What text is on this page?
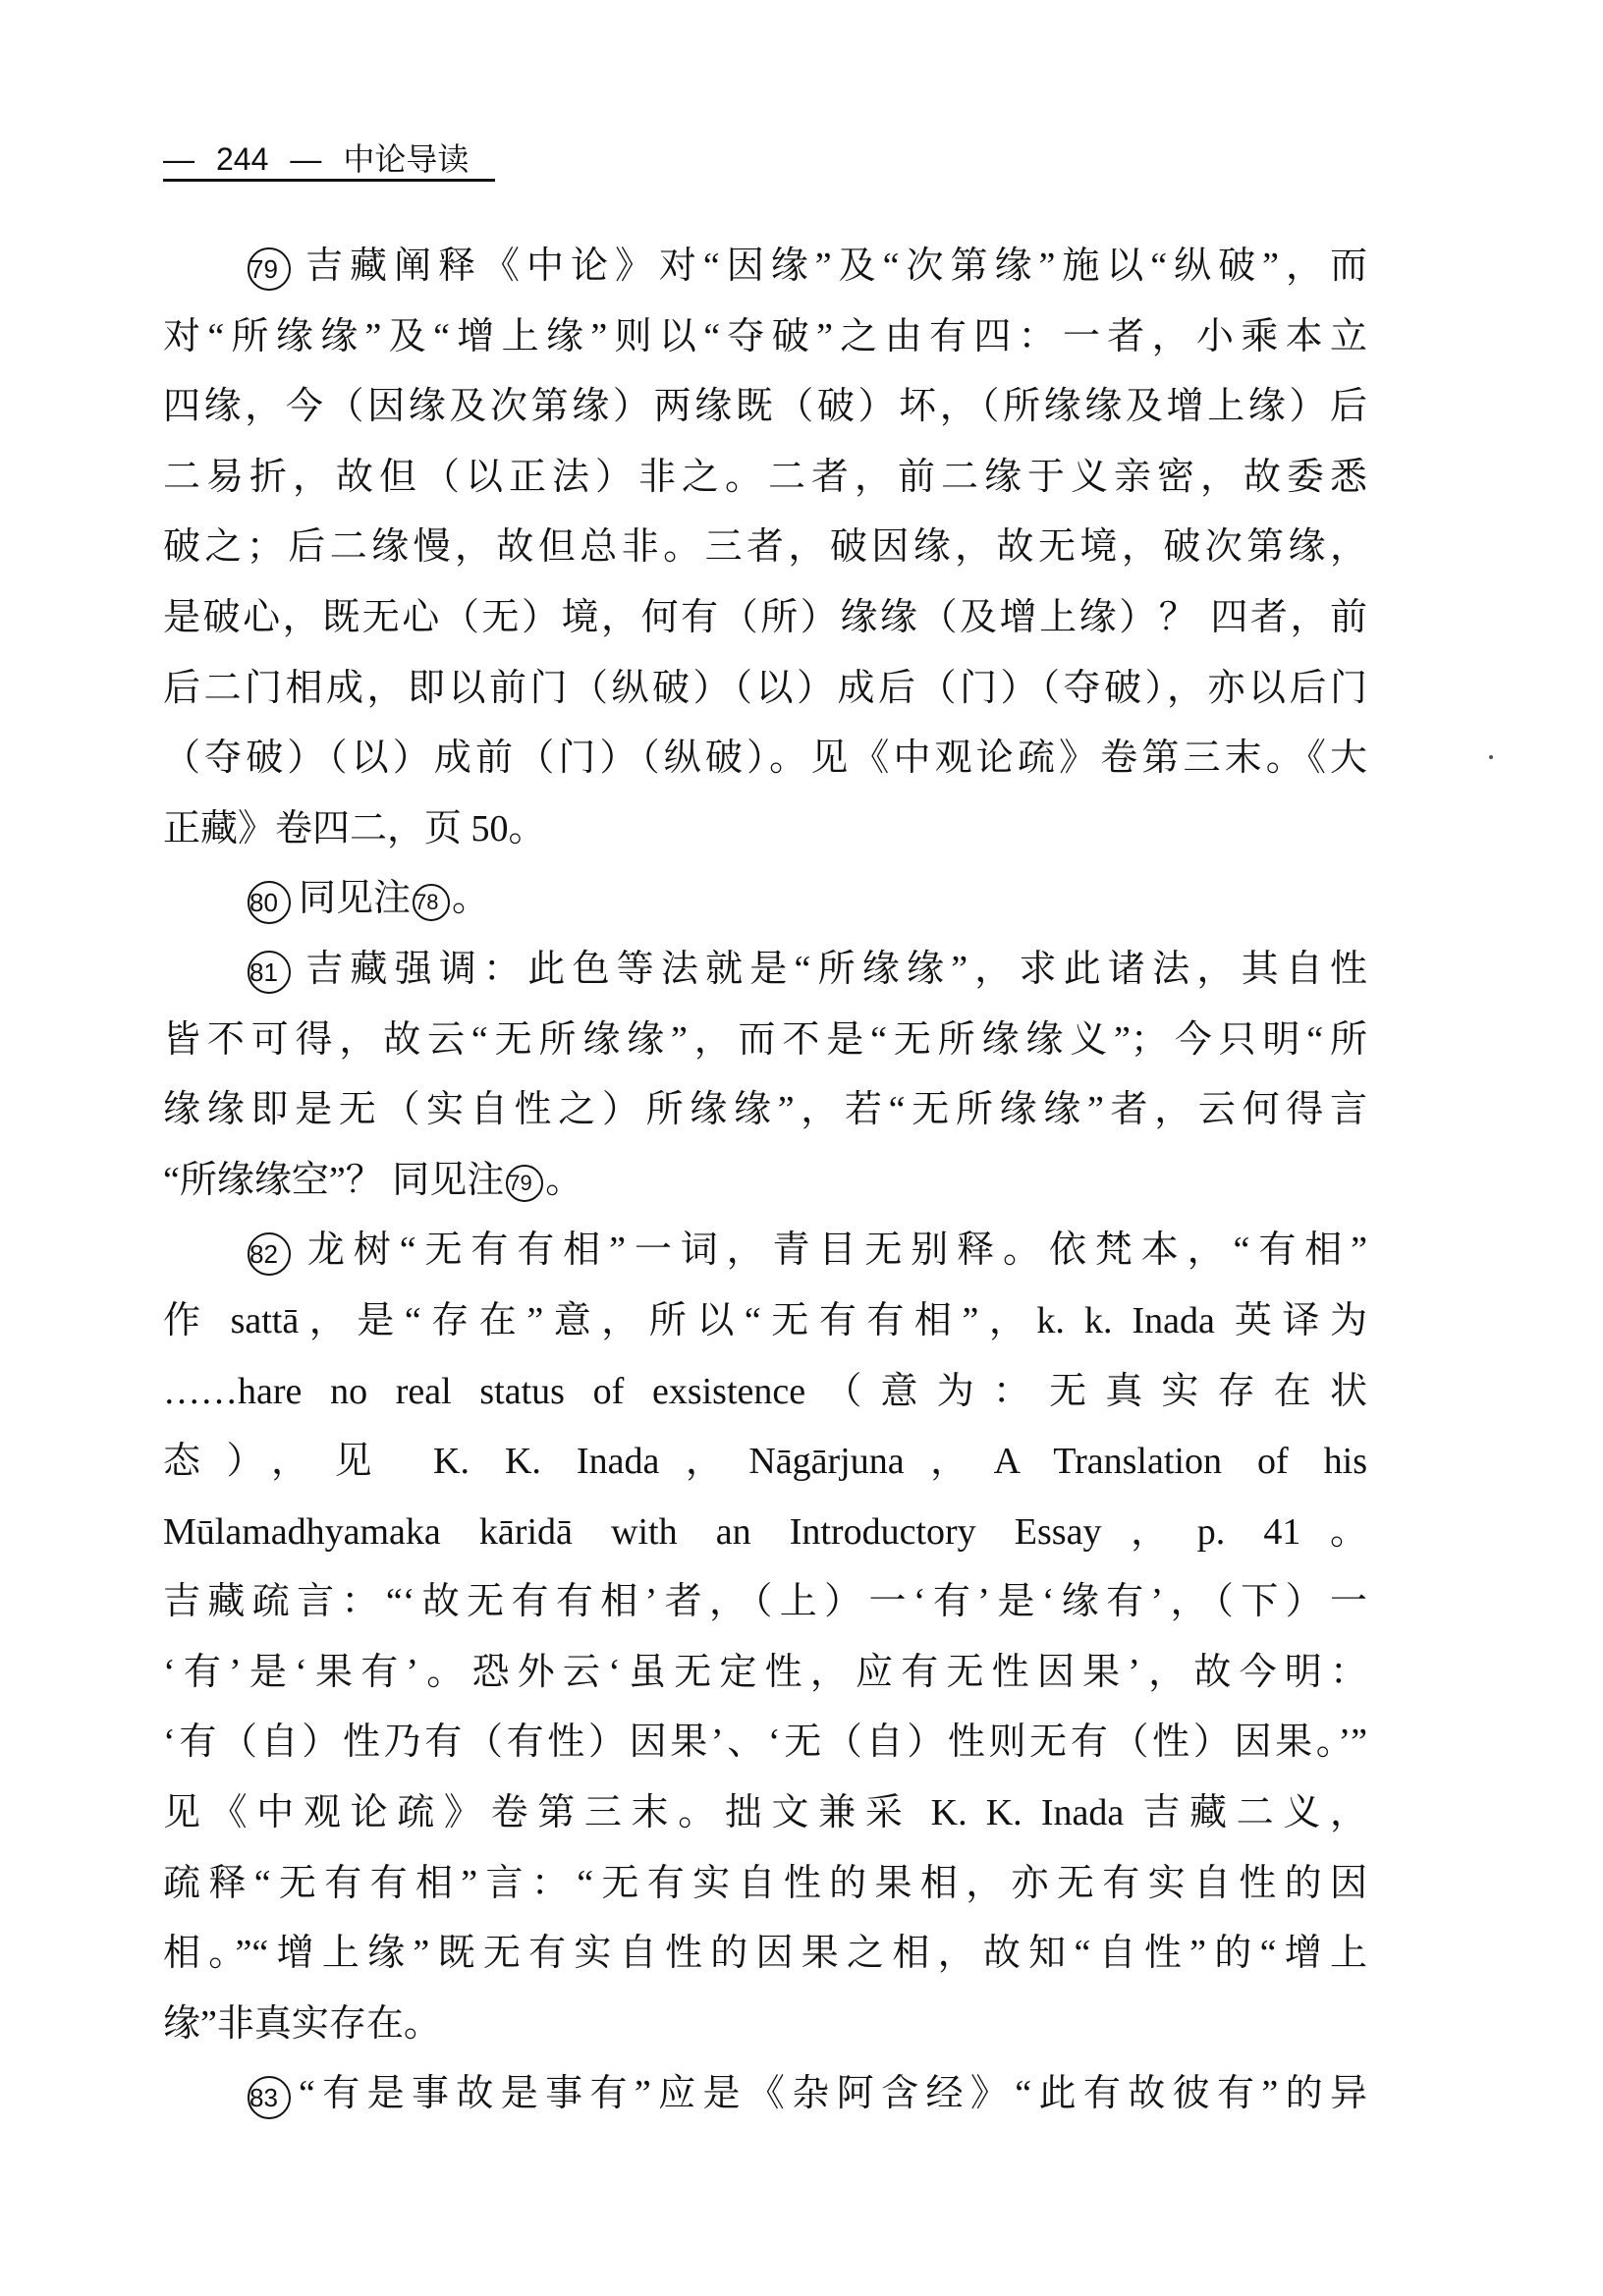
— 244 — 中论导读
79 吉藏阐释《中论》对“因缘”及“次第缘”施以“纵破”，而
对“所缘缘”及“增上缘”则以“夺破”之由有四：一者，小乘本立
四缘，今（因缘及次第缘）两缘既（破）坏，（所缘缘及增上缘）后
二易折，故但（以正法）非之。二者，前二缘于义亲密，故委悉
破之；后二缘慢，故但总非。三者，破因缘，故无境，破次第缘，
是破心，既无心（无）境，何有（所）缘缘（及增上缘）？ 四者，前
后二门相成，即以前门（纵破）（以）成后（门）（夺破），亦以后门
（夺破）（以）成前（门）（纵破）。见《中观论疏》卷第三末。《大
正藏》卷四二，页 50。
80 同见注 78 。
81 吉藏强调：此色等法就是“所缘缘”，求此诸法，其自性
皆不可得，故云“无所缘缘”，而不是“无所缘缘义”；今只明“所
缘缘即是无（实自性之）所缘缘”，若“无所缘缘”者，云何得言
“所缘缘空”？ 同见注 79 。
82 龙树“无有有相”一词，青目无别释。依梵本，“有相”
作 sattā，是“存在”意，所以“无有有相”，k. k. Inada 英译为
……hare no real status of exsistence（意为：无真实存在状
态），见 K. K. Inada，Nāgārjuna，A Translation of his
Mūlamadhyamaka kāridā with an Introductory Essay，p. 41。
吉藏疏言：“‘故无有有相’者，（上）一‘有’是‘缘有’，（下）一
‘有’是‘果有’。恐外云‘虽无定性，应有无性因果’，故今明：
‘有（自）性乃有（有性）因果’、‘无（自）性则无有（性）因果。’”
见《中观论疏》卷第三末。拙文兼采 K. K. Inada 吉藏二义，
疏释“无有有相”言：“无有实自性的果相，亦无有实自性的因
相。”“增上缘”既无有实自性的因果之相，故知“自性”的“增上
缘”非真实存在。
83 “有是事故是事有”应是《杂阿含经》“此有故彼有”的异
